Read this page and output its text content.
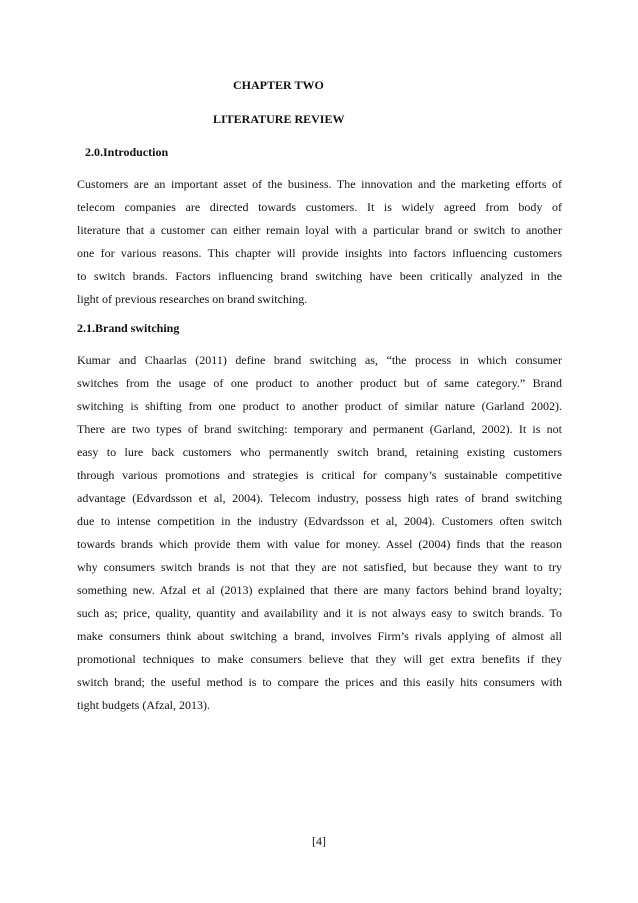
CHAPTER TWO
LITERATURE REVIEW
2.0.Introduction
Customers are an important asset of the business. The innovation and the marketing efforts of
telecom companies are directed towards customers. It is widely agreed from body of
literature that a customer can either remain loyal with a particular brand or switch to another
one for various reasons. This chapter will provide insights into factors influencing customers
to switch brands. Factors influencing brand switching have been critically analyzed in the
light of previous researches on brand switching.
2.1.Brand switching
Kumar and Chaarlas (2011) define brand switching as, “the process in which consumer
switches from the usage of one product to another product but of same category.” Brand
switching is shifting from one product to another product of similar nature (Garland 2002).
There are two types of brand switching: temporary and permanent (Garland, 2002). It is not
easy to lure back customers who permanently switch brand, retaining existing customers
through various promotions and strategies is critical for company’s sustainable competitive
advantage (Edvardsson et al, 2004). Telecom industry, possess high rates of brand switching
due to intense competition in the industry (Edvardsson et al, 2004). Customers often switch
towards brands which provide them with value for money. Assel (2004) finds that the reason
why consumers switch brands is not that they are not satisfied, but because they want to try
something new. Afzal et al (2013) explained that there are many factors behind brand loyalty;
such as; price, quality, quantity and availability and it is not always easy to switch brands. To
make consumers think about switching a brand, involves Firm’s rivals applying of almost all
promotional techniques to make consumers believe that they will get extra benefits if they
switch brand; the useful method is to compare the prices and this easily hits consumers with
tight budgets (Afzal, 2013).
[4]
